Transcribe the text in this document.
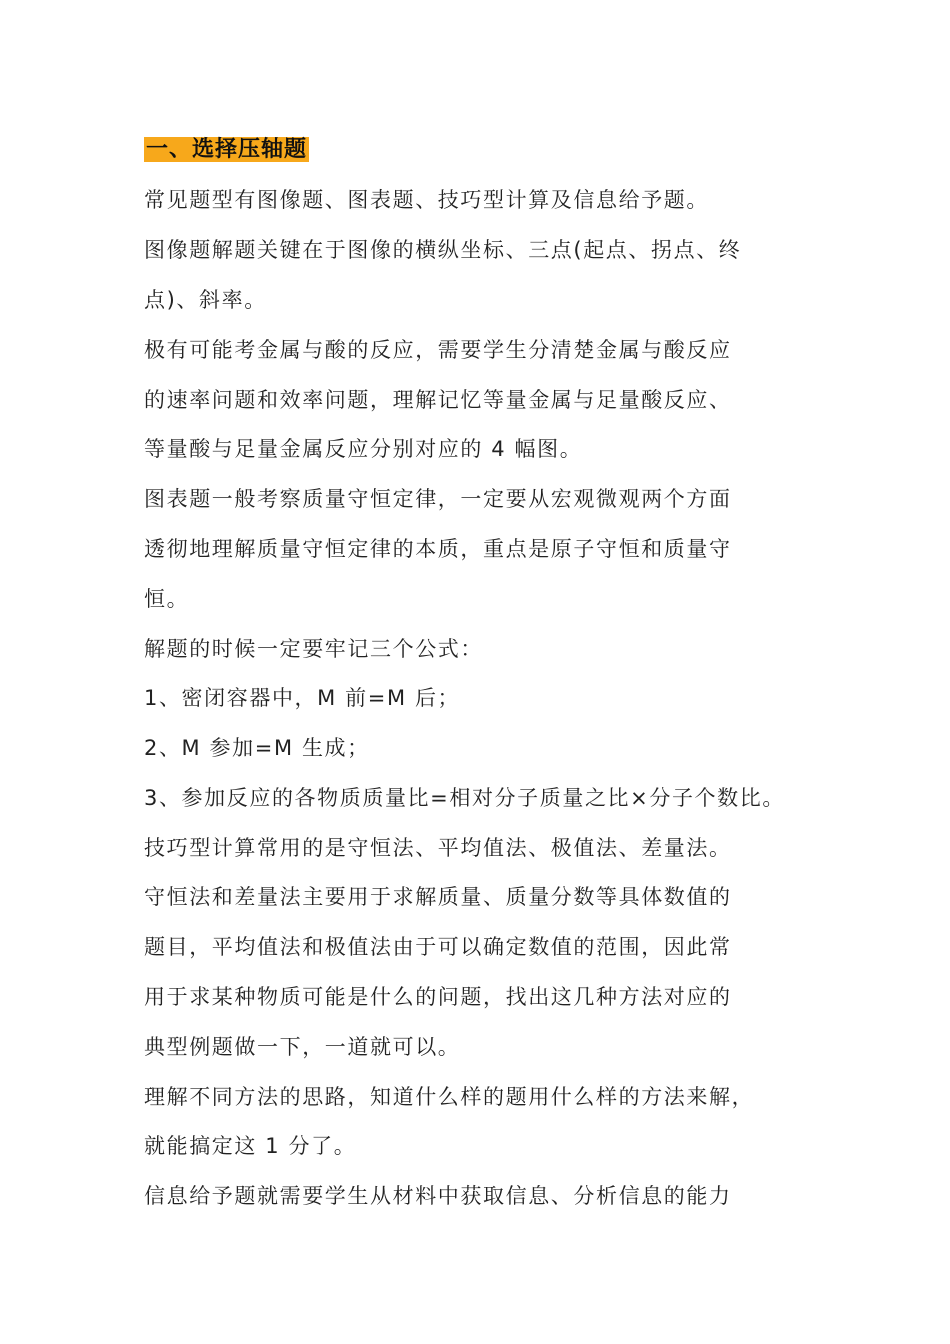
一、选择压轴题
常见题型有图像题、图表题、技巧型计算及信息给予题。
图像题解题关键在于图像的横纵坐标、三点(起点、拐点、终
点)、斜率。
极有可能考金属与酸的反应，需要学生分清楚金属与酸反应
的速率问题和效率问题，理解记忆等量金属与足量酸反应、
等量酸与足量金属反应分别对应的 4 幅图。
图表题一般考察质量守恒定律，一定要从宏观微观两个方面
透彻地理解质量守恒定律的本质，重点是原子守恒和质量守
恒。
解题的时候一定要牢记三个公式：
1、密闭容器中，M 前=M 后；
2、M 参加=M 生成；
3、参加反应的各物质质量比=相对分子质量之比×分子个数比。
技巧型计算常用的是守恒法、平均值法、极值法、差量法。
守恒法和差量法主要用于求解质量、质量分数等具体数值的
题目，平均值法和极值法由于可以确定数值的范围，因此常
用于求某种物质可能是什么的问题，找出这几种方法对应的
典型例题做一下，一道就可以。
理解不同方法的思路，知道什么样的题用什么样的方法来解，
就能搞定这 1 分了。
信息给予题就需要学生从材料中获取信息、分析信息的能力
